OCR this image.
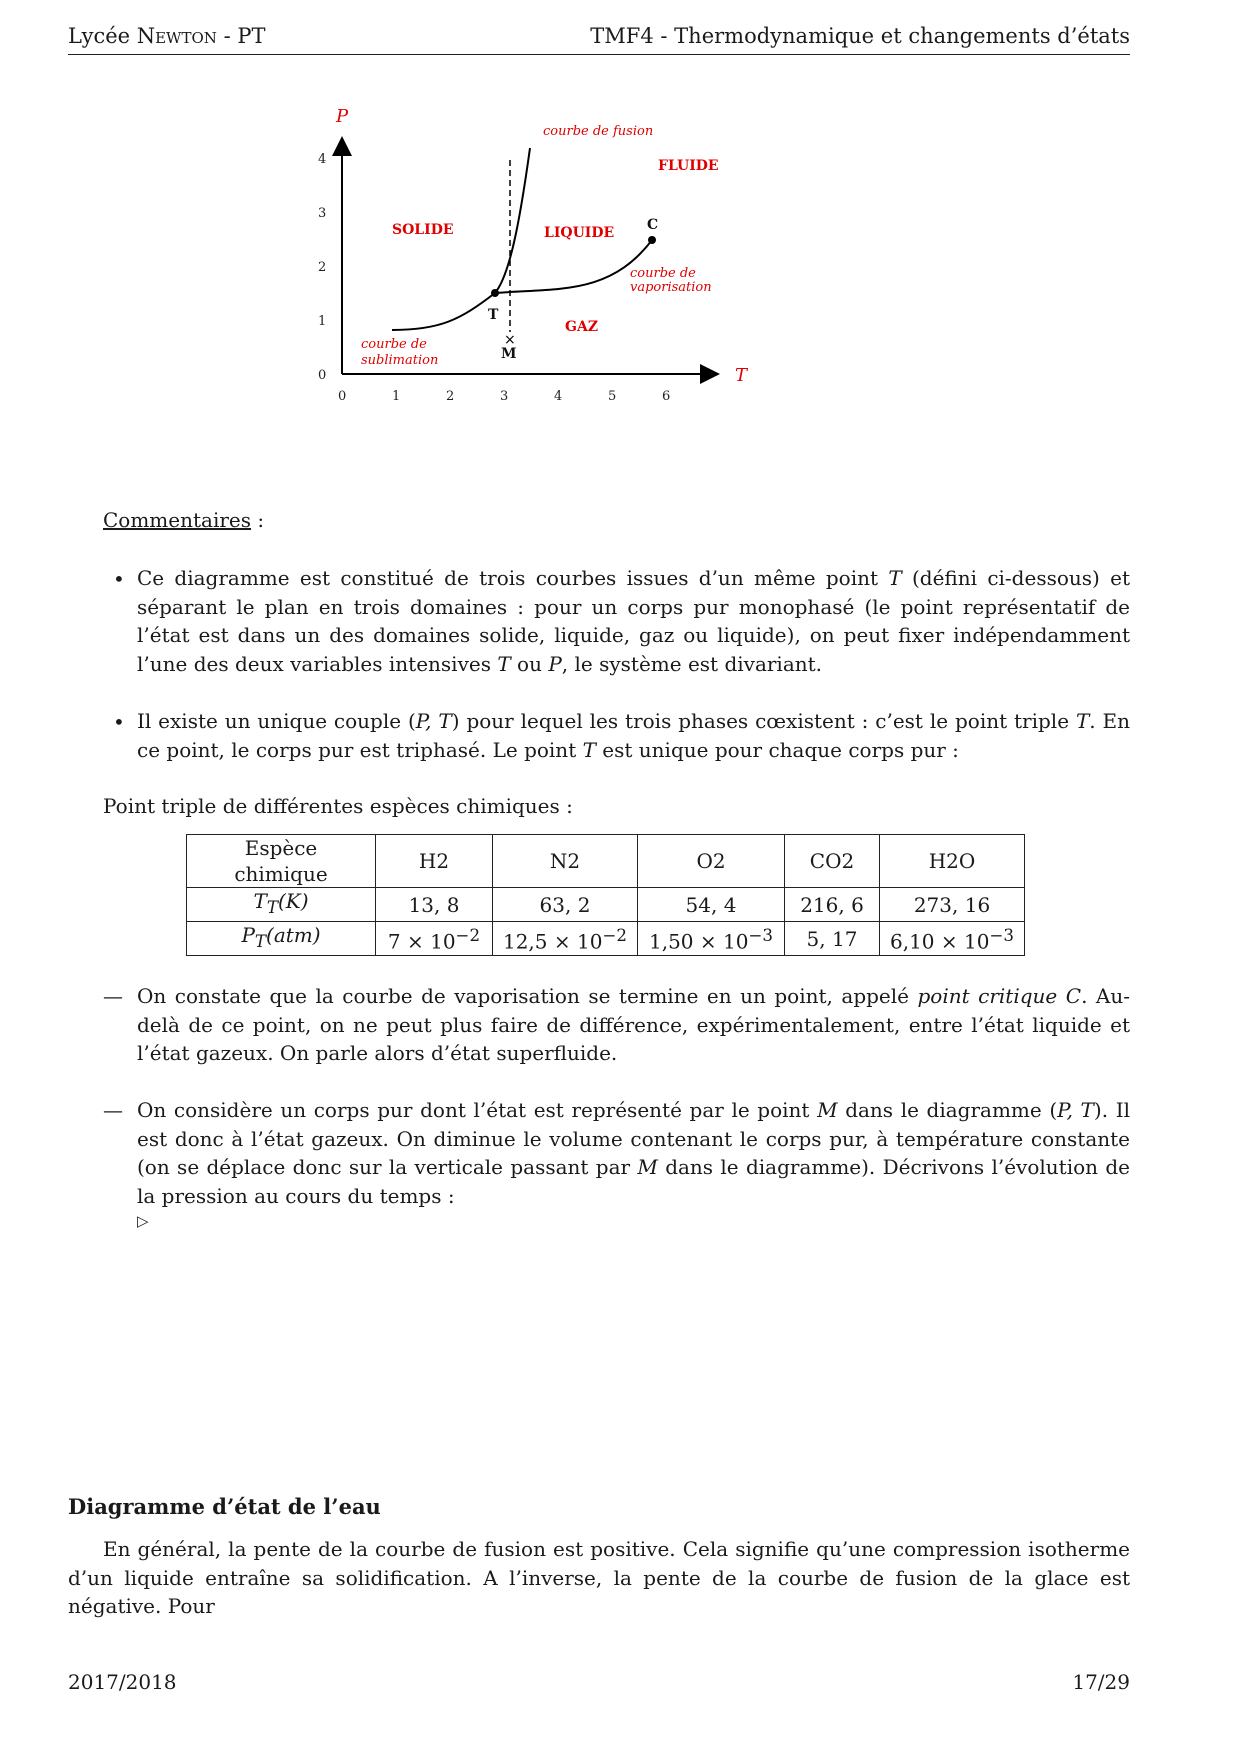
Lycée Newton - PT	TMF4 - Thermodynamique et changements d’états
P
T
0
1
2
3
4
0	1	2	3	4	5	6
×
courbe de fusion
FLUIDE
SOLIDE	LIQUIDE
GAZ
C
T
M
courbe de
vaporisation
courbe de
sublimation
Commentaires :
• Ce diagramme est constitué de trois courbes issues d’un même point T (défini ci-dessous) et séparant le plan en trois domaines : pour un corps pur monophasé (le point représentatif de l’état est dans un des domaines solide, liquide, gaz ou liquide), on peut fixer indépendamment l’une des deux variables intensives T ou P, le système est divariant.
• Il existe un unique couple (P, T) pour lequel les trois phases cœxistent : c’est le point triple T. En ce point, le corps pur est triphasé. Le point T est unique pour chaque corps pur :
Point triple de différentes espèces chimiques :
Espèce chimique	H2	N2	O2	CO2	H2O
$T_T(K)$	13, 8	63, 2	54, 4	216, 6	273, 16
$P_T(atm)$	$7 \times 10^{-2}$	$12,5 \times 10^{-2}$	$1,50 \times 10^{-3}$	5, 17	$6,10 \times 10^{-3}$
— On constate que la courbe de vaporisation se termine en un point, appelé point critique C. Au-delà de ce point, on ne peut plus faire de différence, expérimentalement, entre l’état liquide et l’état gazeux. On parle alors d’état superfluide.
— On considère un corps pur dont l’état est représenté par le point M dans le diagramme (P, T). Il est donc à l’état gazeux. On diminue le volume contenant le corps pur, à température constante (on se déplace donc sur la verticale passant par M dans le diagramme). Décrivons l’évolution de la pression au cours du temps :
▷
Diagramme d’état de l’eau
En général, la pente de la courbe de fusion est positive. Cela signifie qu’une compression isotherme d’un liquide entraîne sa solidification. A l’inverse, la pente de la courbe de fusion de la glace est négative. Pour
2017/2018	17/29
